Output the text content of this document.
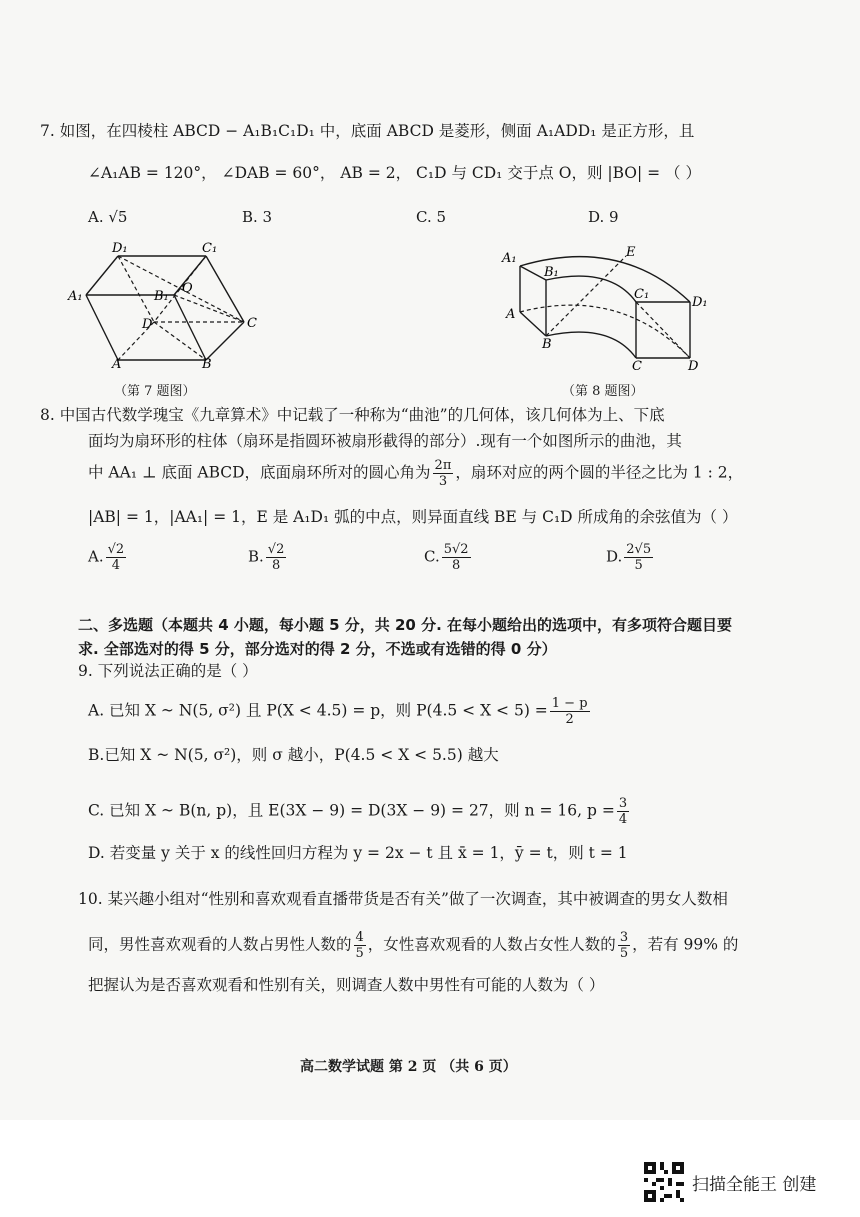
7. 如图，在四棱柱 ABCD − A₁B₁C₁D₁ 中，底面 ABCD 是菱形，侧面 A₁ADD₁ 是正方形，且
∠A₁AB = 120°， ∠DAB = 60°， AB = 2， C₁D 与 CD₁ 交于点 O，则 |BO| = （ ）
A. √5	B. 3	C. 5	D. 9
D₁	C₁
A₁	B₁
O
D	C
A	B
（第 7 题图）
A₁	E
B₁
C₁
D₁
A
B
C	D
（第 8 题图）
8. 中国古代数学瑰宝《九章算术》中记载了一种称为“曲池”的几何体，该几何体为上、下底
面均为扇环形的柱体（扇环是指圆环被扇形截得的部分）.现有一个如图所示的曲池，其
中 AA₁ ⊥ 底面 ABCD，底面扇环所对的圆心角为 $\frac{2\pi}{3}$ ，扇环对应的两个圆的半径之比为 1 : 2，
|AB| = 1，|AA₁| = 1，E 是 A₁D₁ 弧的中点，则异面直线 BE 与 C₁D 所成角的余弦值为（ ）
A. $\frac{√2}{4}$	B. $\frac{√2}{8}$	C. $\frac{5√2}{8}$	D. $\frac{2√5}{5}$
二、多选题（本题共 4 小题，每小题 5 分，共 20 分. 在每小题给出的选项中，有多项符合题目要
求. 全部选对的得 5 分，部分选对的得 2 分，不选或有选错的得 0 分）
9. 下列说法正确的是（ ）
A. 已知 X ~ N(5, σ²) 且 P(X < 4.5) = p，则 $P(4.5 < X < 5) = \frac{1 - p}{2}$
B.已知 X ~ N(5, σ²)，则 σ 越小，P(4.5 < X < 5.5) 越大
C. 已知 X ~ B(n, p)，且 E(3X − 9) = D(3X − 9) = 27，则 n = 16, $p = \frac{3}{4}$
D. 若变量 y 关于 x 的线性回归方程为 y = 2x − t 且 x̄ = 1，ȳ = t，则 t = 1
10. 某兴趣小组对“性别和喜欢观看直播带货是否有关”做了一次调查，其中被调查的男女人数相
同，男性喜欢观看的人数占男性人数的 $\frac{4}{5}$ ，女性喜欢观看的人数占女性人数的 $\frac{3}{5}$ ，若有 99% 的
把握认为是否喜欢观看和性别有关，则调查人数中男性有可能的人数为（ ）
高二数学试题 第 2 页 （共 6 页）
扫描全能王 创建
